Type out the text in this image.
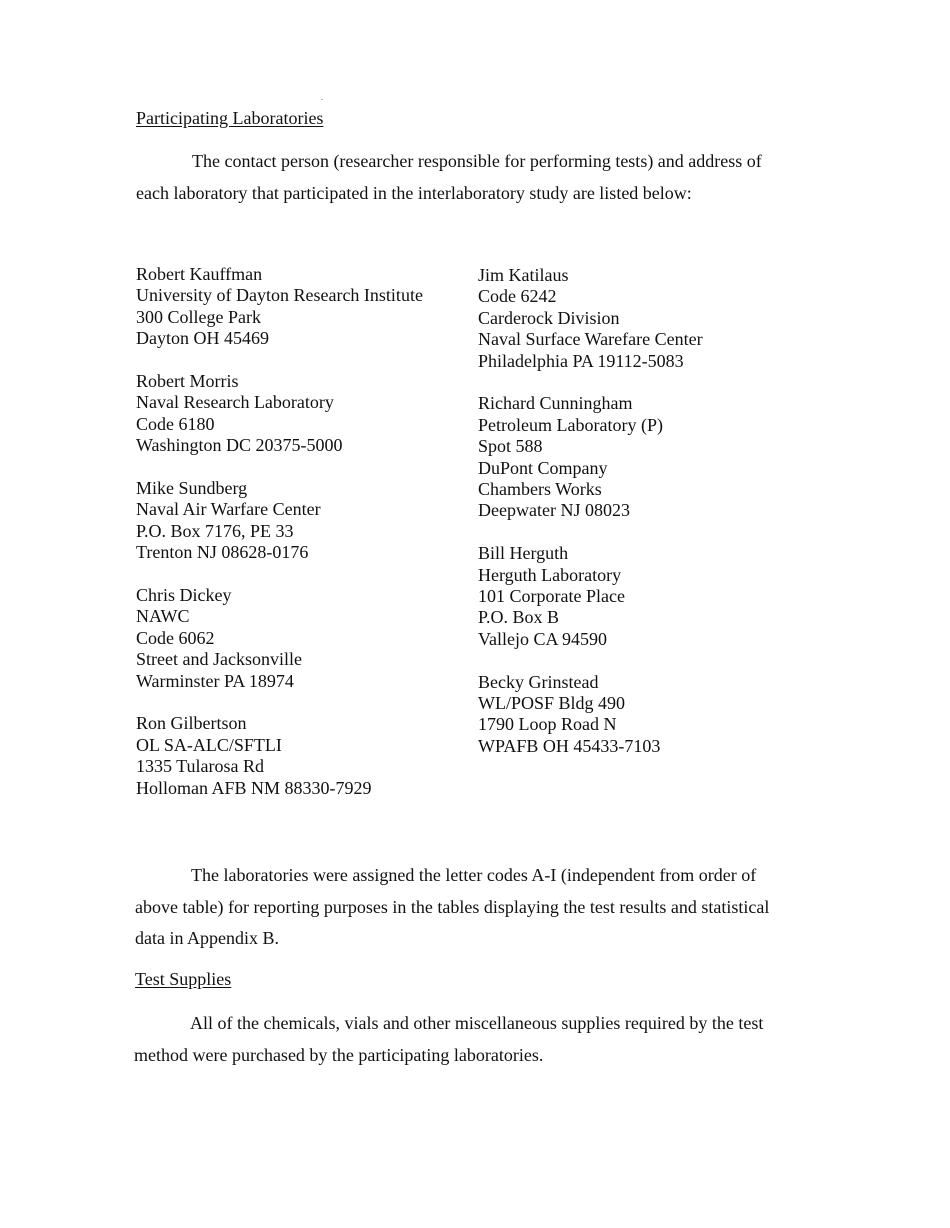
Participating Laboratories
The contact person (researcher responsible for performing tests) and address of
each laboratory that participated in the interlaboratory study are listed below:
Robert Kauffman
University of Dayton Research Institute
300 College Park
Dayton OH 45469
Robert Morris
Naval Research Laboratory
Code 6180
Washington DC 20375-5000
Mike Sundberg
Naval Air Warfare Center
P.O. Box 7176, PE 33
Trenton NJ 08628-0176
Chris Dickey
NAWC
Code 6062
Street and Jacksonville
Warminster PA 18974
Ron Gilbertson
OL SA-ALC/SFTLI
1335 Tularosa Rd
Holloman AFB NM 88330-7929
Jim Katilaus
Code 6242
Carderock Division
Naval Surface Warefare Center
Philadelphia PA 19112-5083
Richard Cunningham
Petroleum Laboratory (P)
Spot 588
DuPont Company
Chambers Works
Deepwater NJ 08023
Bill Herguth
Herguth Laboratory
101 Corporate Place
P.O. Box B
Vallejo CA 94590
Becky Grinstead
WL/POSF Bldg 490
1790 Loop Road N
WPAFB OH 45433-7103
The laboratories were assigned the letter codes A-I (independent from order of
above table) for reporting purposes in the tables displaying the test results and statistical
data in Appendix B.
Test Supplies
All of the chemicals, vials and other miscellaneous supplies required by the test
method were purchased by the participating laboratories.
